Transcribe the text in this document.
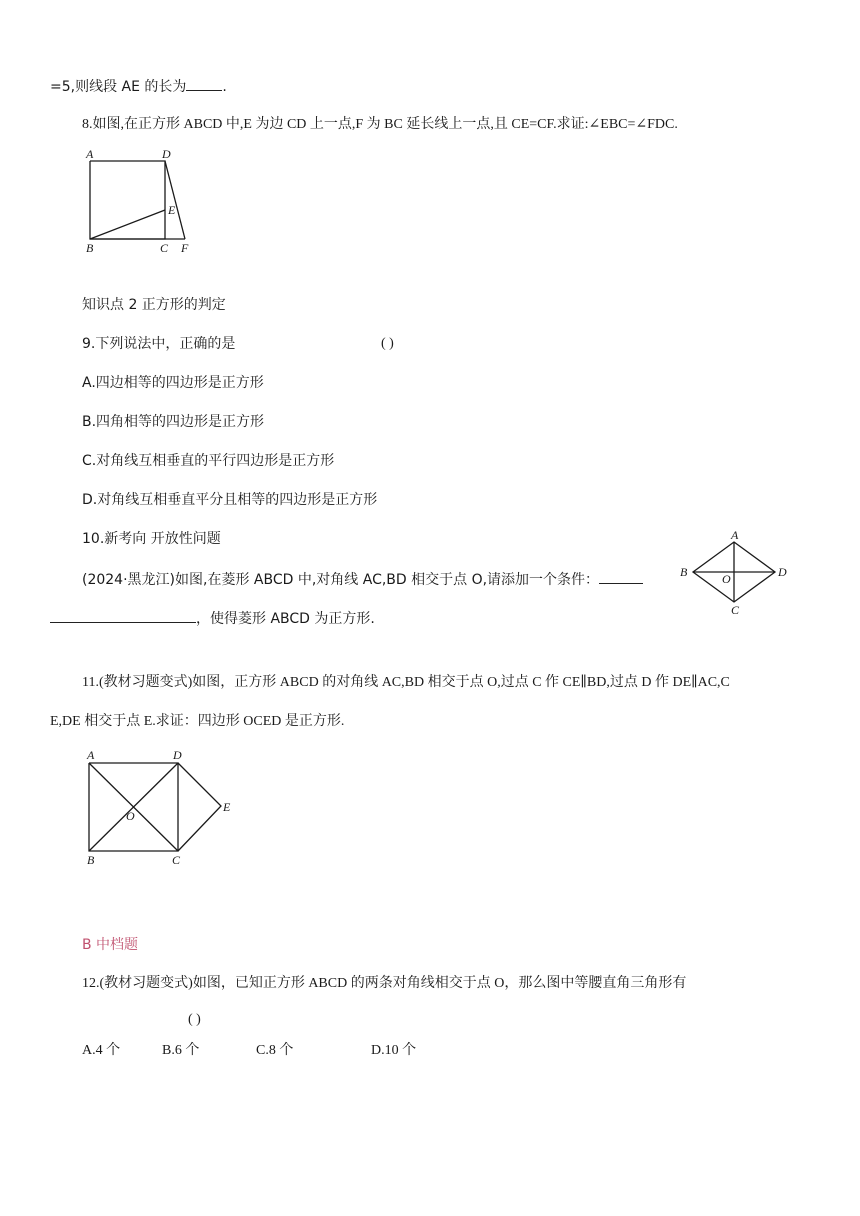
=5,则线段 AE 的长为	.
8.如图,在正方形 ABCD 中,E 为边 CD 上一点,F 为 BC 延长线上一点,且 CE=CF.求证:∠EBC=∠FDC.
A	D
E
B	C F
知识点 2 正方形的判定
9.下列说法中，正确的是	( )
A.四边相等的四边形是正方形
B.四角相等的四边形是正方形
C.对角线互相垂直的平行四边形是正方形
D.对角线互相垂直平分且相等的四边形是正方形
10.新考向 开放性问题
(2024·黑龙江)如图,在菱形 ABCD 中,对角线 AC,BD 相交于点 O,请添加一个条件：
，使得菱形 ABCD 为正方形.
A
B	D
C
O
11.(教材习题变式)如图，正方形 ABCD 的对角线 AC,BD 相交于点 O,过点 C 作 CE∥BD,过点 D 作 DE∥AC,C
E,DE 相交于点 E.求证：四边形 OCED 是正方形.
A	D
E
O
B	C
B 中档题
12.(教材习题变式)如图，已知正方形 ABCD 的两条对角线相交于点 O，那么图中等腰直角三角形有
( )
A.4 个	B.6 个	C.8 个	D.10 个
